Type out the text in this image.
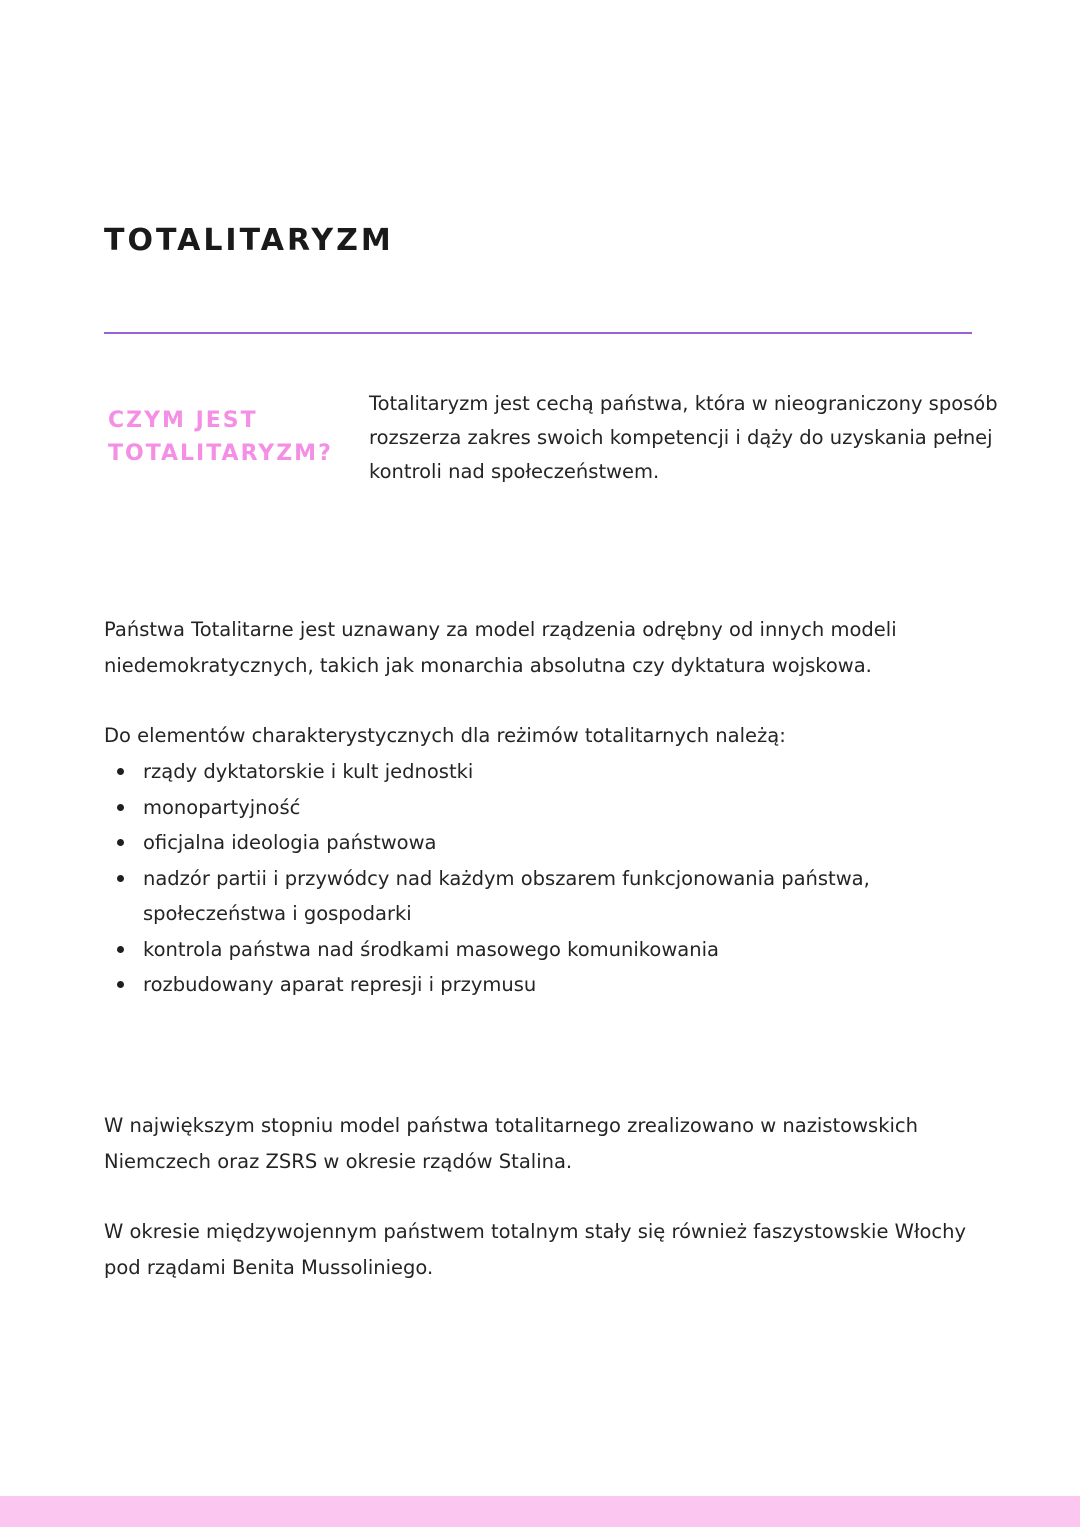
TOTALITARYZM
CZYM JEST TOTALITARYZM?

Totalitaryzm jest cechą państwa, która w nieograniczony sposób rozszerza zakres swoich kompetencji i dąży do uzyskania pełnej kontroli nad społeczeństwem.

Państwa Totalitarne jest uznawany za model rządzenia odrębny od innych modeli niedemokratycznych, takich jak monarchia absolutna czy dyktatura wojskowa.

Do elementów charakterystycznych dla reżimów totalitarnych należą:

rządy dyktatorskie i kult jednostki
monopartyjność
oficjalna ideologia państwowa
nadzór partii i przywódcy nad każdym obszarem funkcjonowania państwa, społeczeństwa i gospodarki
kontrola państwa nad środkami masowego komunikowania
rozbudowany aparat represji i przymusu

W największym stopniu model państwa totalitarnego zrealizowano w nazistowskich Niemczech oraz ZSRS w okresie rządów Stalina.

W okresie międzywojennym państwem totalnym stały się również faszystowskie Włochy pod rządami Benita Mussoliniego.
